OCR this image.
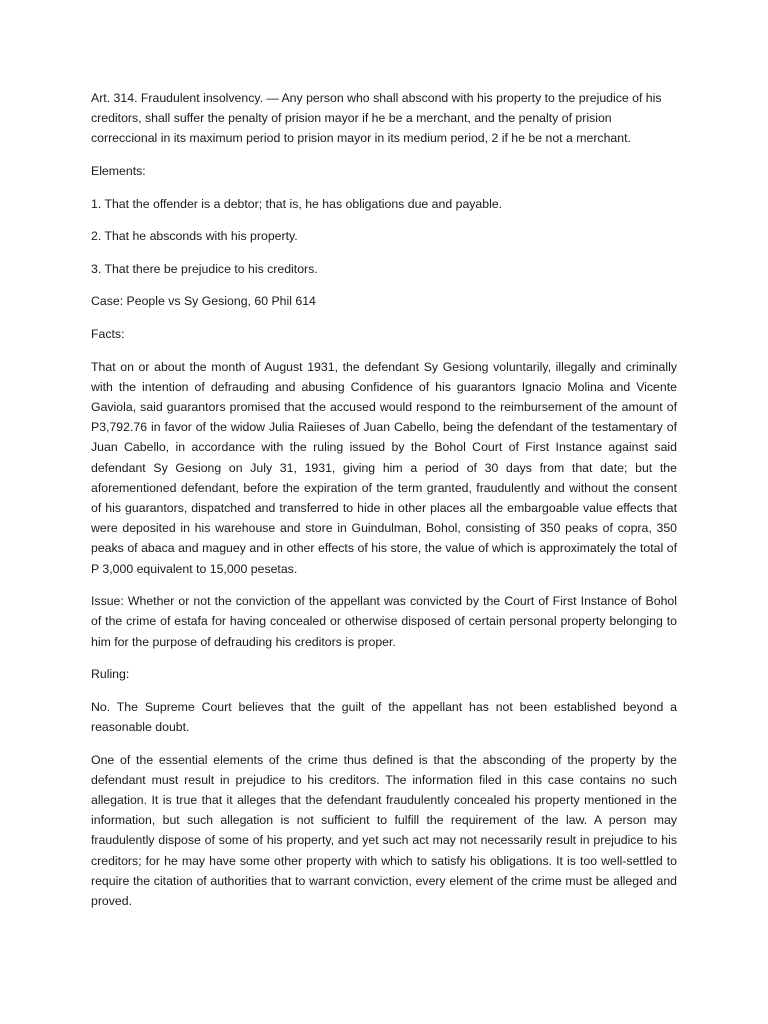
Art. 314. Fraudulent insolvency. — Any person who shall abscond with his property to the prejudice of his creditors, shall suffer the penalty of prision mayor if he be a merchant, and the penalty of prision correccional in its maximum period to prision mayor in its medium period, 2 if he be not a merchant.

Elements:

1. That the offender is a debtor; that is, he has obligations due and payable.

2. That he absconds with his property.

3. That there be prejudice to his creditors.

Case: People vs Sy Gesiong, 60 Phil 614

Facts:

That on or about the month of August 1931, the defendant Sy Gesiong voluntarily, illegally and criminally with the intention of defrauding and abusing Confidence of his guarantors Ignacio Molina and Vicente Gaviola, said guarantors promised that the accused would respond to the reimbursement of the amount of P3,792.76 in favor of the widow Julia Raiieses of Juan Cabello, being the defendant of the testamentary of Juan Cabello, in accordance with the ruling issued by the Bohol Court of First Instance against said defendant Sy Gesiong on July 31, 1931, giving him a period of 30 days from that date; but the aforementioned defendant, before the expiration of the term granted, fraudulently and without the consent of his guarantors, dispatched and transferred to hide in other places all the embargoable value effects that were deposited in his warehouse and store in Guindulman, Bohol, consisting of 350 peaks of copra, 350 peaks of abaca and maguey and in other effects of his store, the value of which is approximately the total of P 3,000 equivalent to 15,000 pesetas.

Issue: Whether or not the conviction of the appellant was convicted by the Court of First Instance of Bohol of the crime of estafa for having concealed or otherwise disposed of certain personal property belonging to him for the purpose of defrauding his creditors is proper.

Ruling:

No. The Supreme Court believes that the guilt of the appellant has not been established beyond a reasonable doubt.

One of the essential elements of the crime thus defined is that the absconding of the property by the defendant must result in prejudice to his creditors. The information filed in this case contains no such allegation. It is true that it alleges that the defendant fraudulently concealed his property mentioned in the information, but such allegation is not sufficient to fulfill the requirement of the law. A person may fraudulently dispose of some of his property, and yet such act may not necessarily result in prejudice to his creditors; for he may have some other property with which to satisfy his obligations. It is too well-settled to require the citation of authorities that to warrant conviction, every element of the crime must be alleged and proved.
